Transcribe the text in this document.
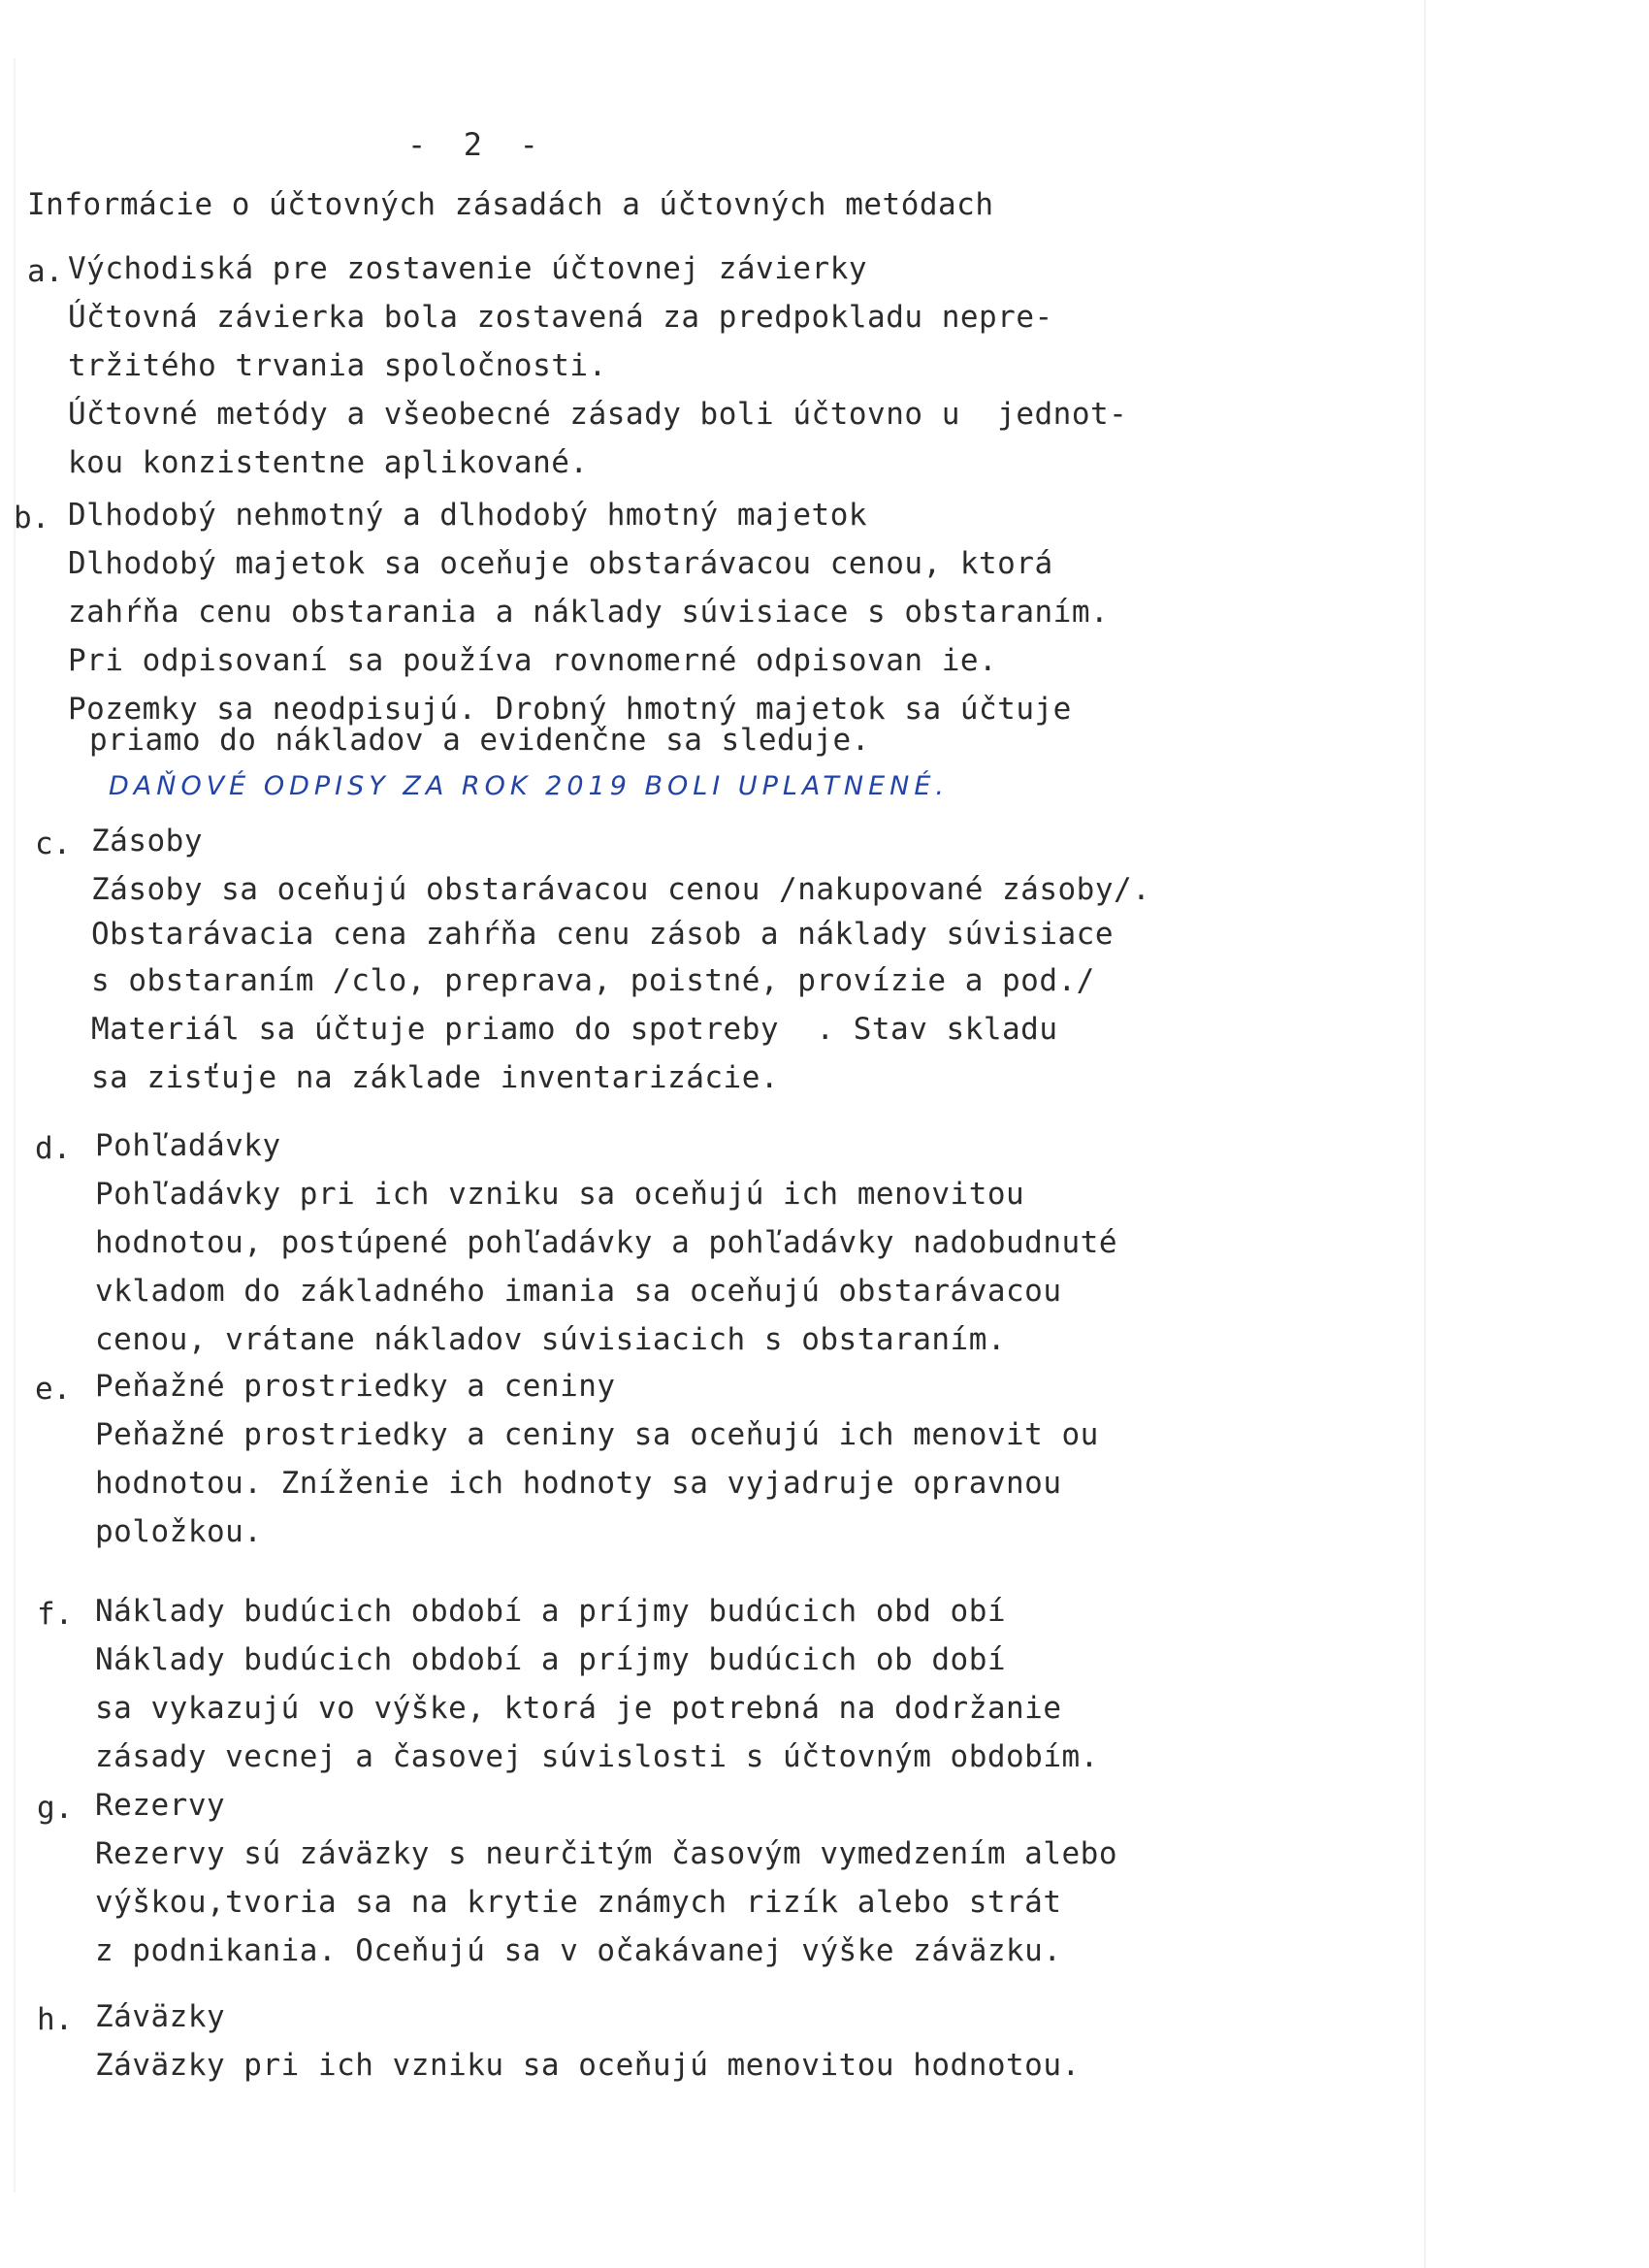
-  2  -
Informácie o účtovných zásadách a účtovných metódach
a. Východiská pre zostavenie účtovnej závierky
Účtovná závierka bola zostavená za predpokladu nepre-
tržitého trvania spoločnosti.
Účtovné metódy a všeobecné zásady boli účtovno u  jednot-
kou konzistentne aplikované.
b. Dlhodobý nehmotný a dlhodobý hmotný majetok
Dlhodobý majetok sa oceňuje obstarávacou cenou, ktorá
zahŕňa cenu obstarania a náklady súvisiace s obstaraním.
Pri odpisovaní sa používa rovnomerné odpisovan ie.
Pozemky sa neodpisujú. Drobný hmotný majetok sa účtuje
priamo do nákladov a evidenčne sa sleduje.
DAŇOVÉ ODPISY ZA ROK 2019 BOLI UPLATNENÉ.
c. Zásoby
Zásoby sa oceňujú obstarávacou cenou /nakupované zásoby/.
Obstarávacia cena zahŕňa cenu zásob a náklady súvisiace
s obstaraním /clo, preprava, poistné, provízie a pod./
Materiál sa účtuje priamo do spotreby  . Stav skladu
sa zisťuje na základe inventarizácie.
d. Pohľadávky
Pohľadávky pri ich vzniku sa oceňujú ich menovitou
hodnotou, postúpené pohľadávky a pohľadávky nadobudnuté
vkladom do základného imania sa oceňujú obstarávacou
cenou, vrátane nákladov súvisiacich s obstaraním.
e. Peňažné prostriedky a ceniny
Peňažné prostriedky a ceniny sa oceňujú ich menovit ou
hodnotou. Zníženie ich hodnoty sa vyjadruje opravnou
položkou.
f. Náklady budúcich období a príjmy budúcich obd obí
Náklady budúcich období a príjmy budúcich ob dobí
sa vykazujú vo výške, ktorá je potrebná na dodržanie
zásady vecnej a časovej súvislosti s účtovným obdobím.
g. Rezervy
Rezervy sú záväzky s neurčitým časovým vymedzením alebo
výškou,tvoria sa na krytie známych rizík alebo strát
z podnikania. Oceňujú sa v očakávanej výške záväzku.
h. Záväzky
Záväzky pri ich vzniku sa oceňujú menovitou hodnotou.
